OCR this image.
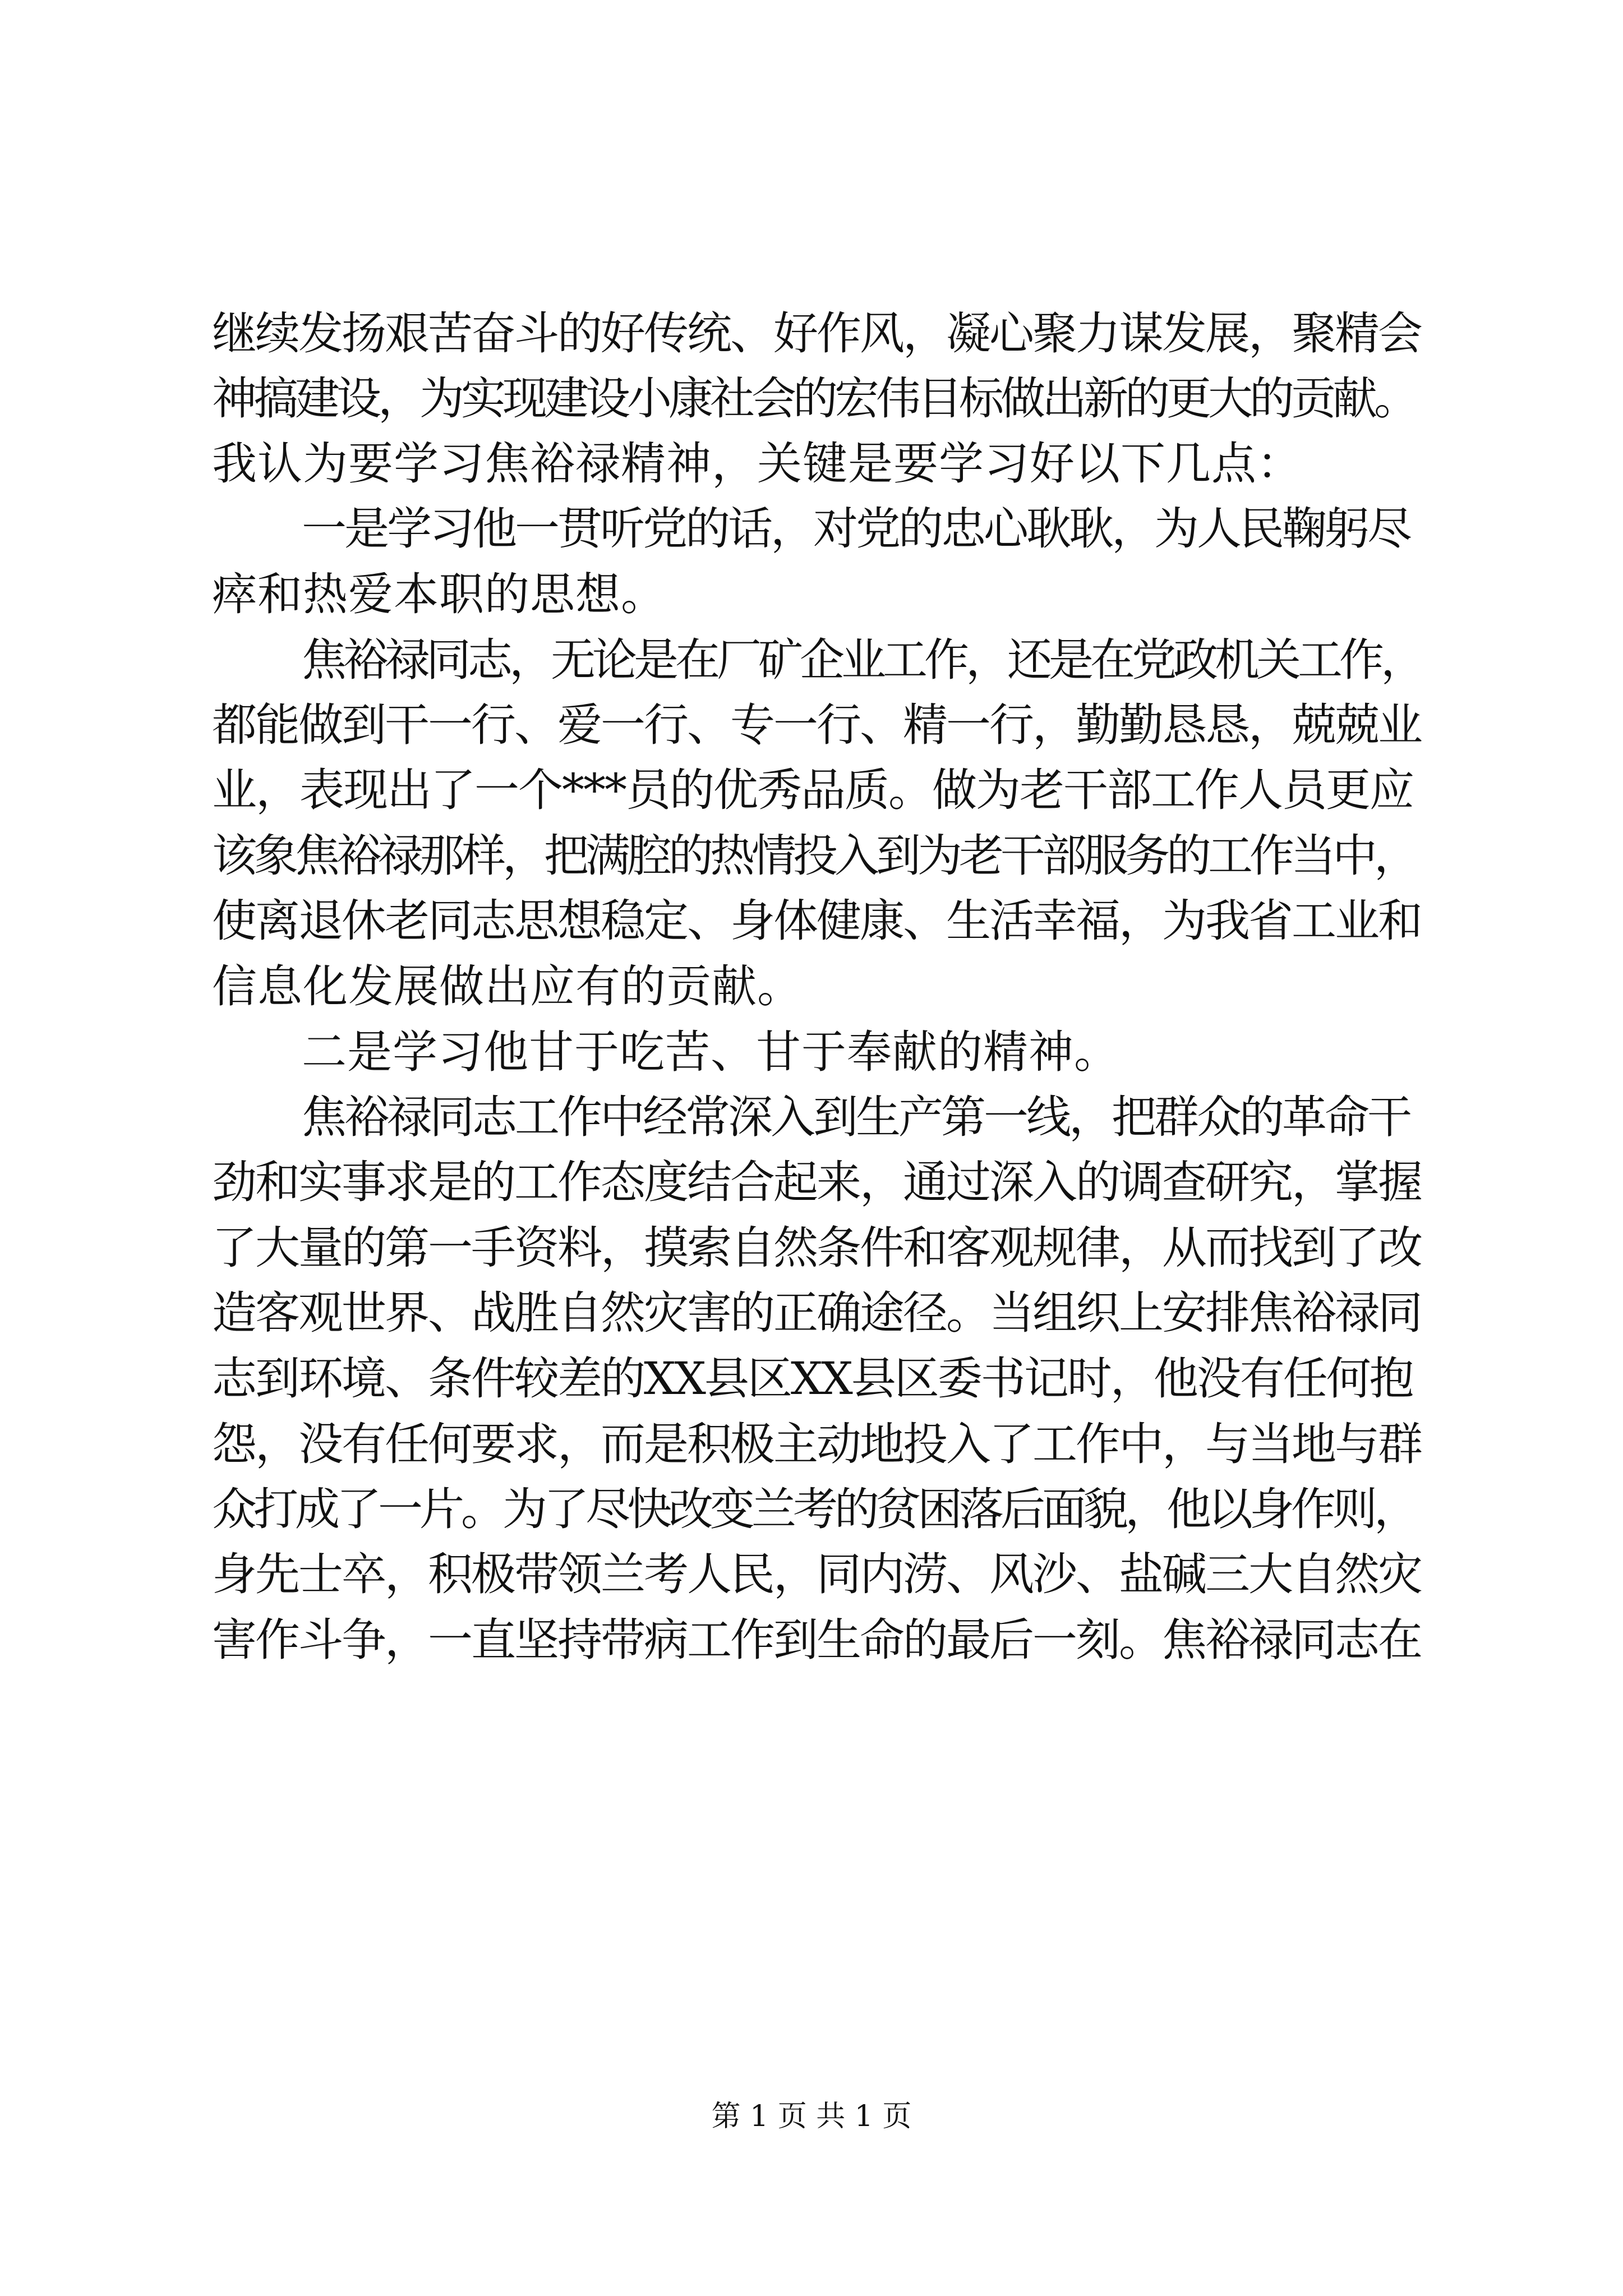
继续发扬艰苦奋斗的好传统、好作风，凝心聚力谋发展，聚精会
神搞建设，为实现建设小康社会的宏伟目标做出新的更大的贡献。
我认为要学习焦裕禄精神，关键是要学习好以下几点：
一是学习他一贯听党的话，对党的忠心耿耿，为人民鞠躬尽
瘁和热爱本职的思想。
焦裕禄同志，无论是在厂矿企业工作，还是在党政机关工作，
都能做到干一行、爱一行、专一行、精一行，勤勤恳恳，兢兢业
业，表现出了一个***员的优秀品质。做为老干部工作人员更应
该象焦裕禄那样，把满腔的热情投入到为老干部服务的工作当中，
使离退休老同志思想稳定、身体健康、生活幸福，为我省工业和
信息化发展做出应有的贡献。
二是学习他甘于吃苦、甘于奉献的精神。
焦裕禄同志工作中经常深入到生产第一线，把群众的革命干
劲和实事求是的工作态度结合起来，通过深入的调查研究，掌握
了大量的第一手资料，摸索自然条件和客观规律，从而找到了改
造客观世界、战胜自然灾害的正确途径。当组织上安排焦裕禄同
志到环境、条件较差的XX县区XX县区委书记时，他没有任何抱
怨，没有任何要求，而是积极主动地投入了工作中，与当地与群
众打成了一片。为了尽快改变兰考的贫困落后面貌，他以身作则，
身先士卒，积极带领兰考人民，同内涝、风沙、盐碱三大自然灾
害作斗争，一直坚持带病工作到生命的最后一刻。焦裕禄同志在
第 1 页 共 1 页
